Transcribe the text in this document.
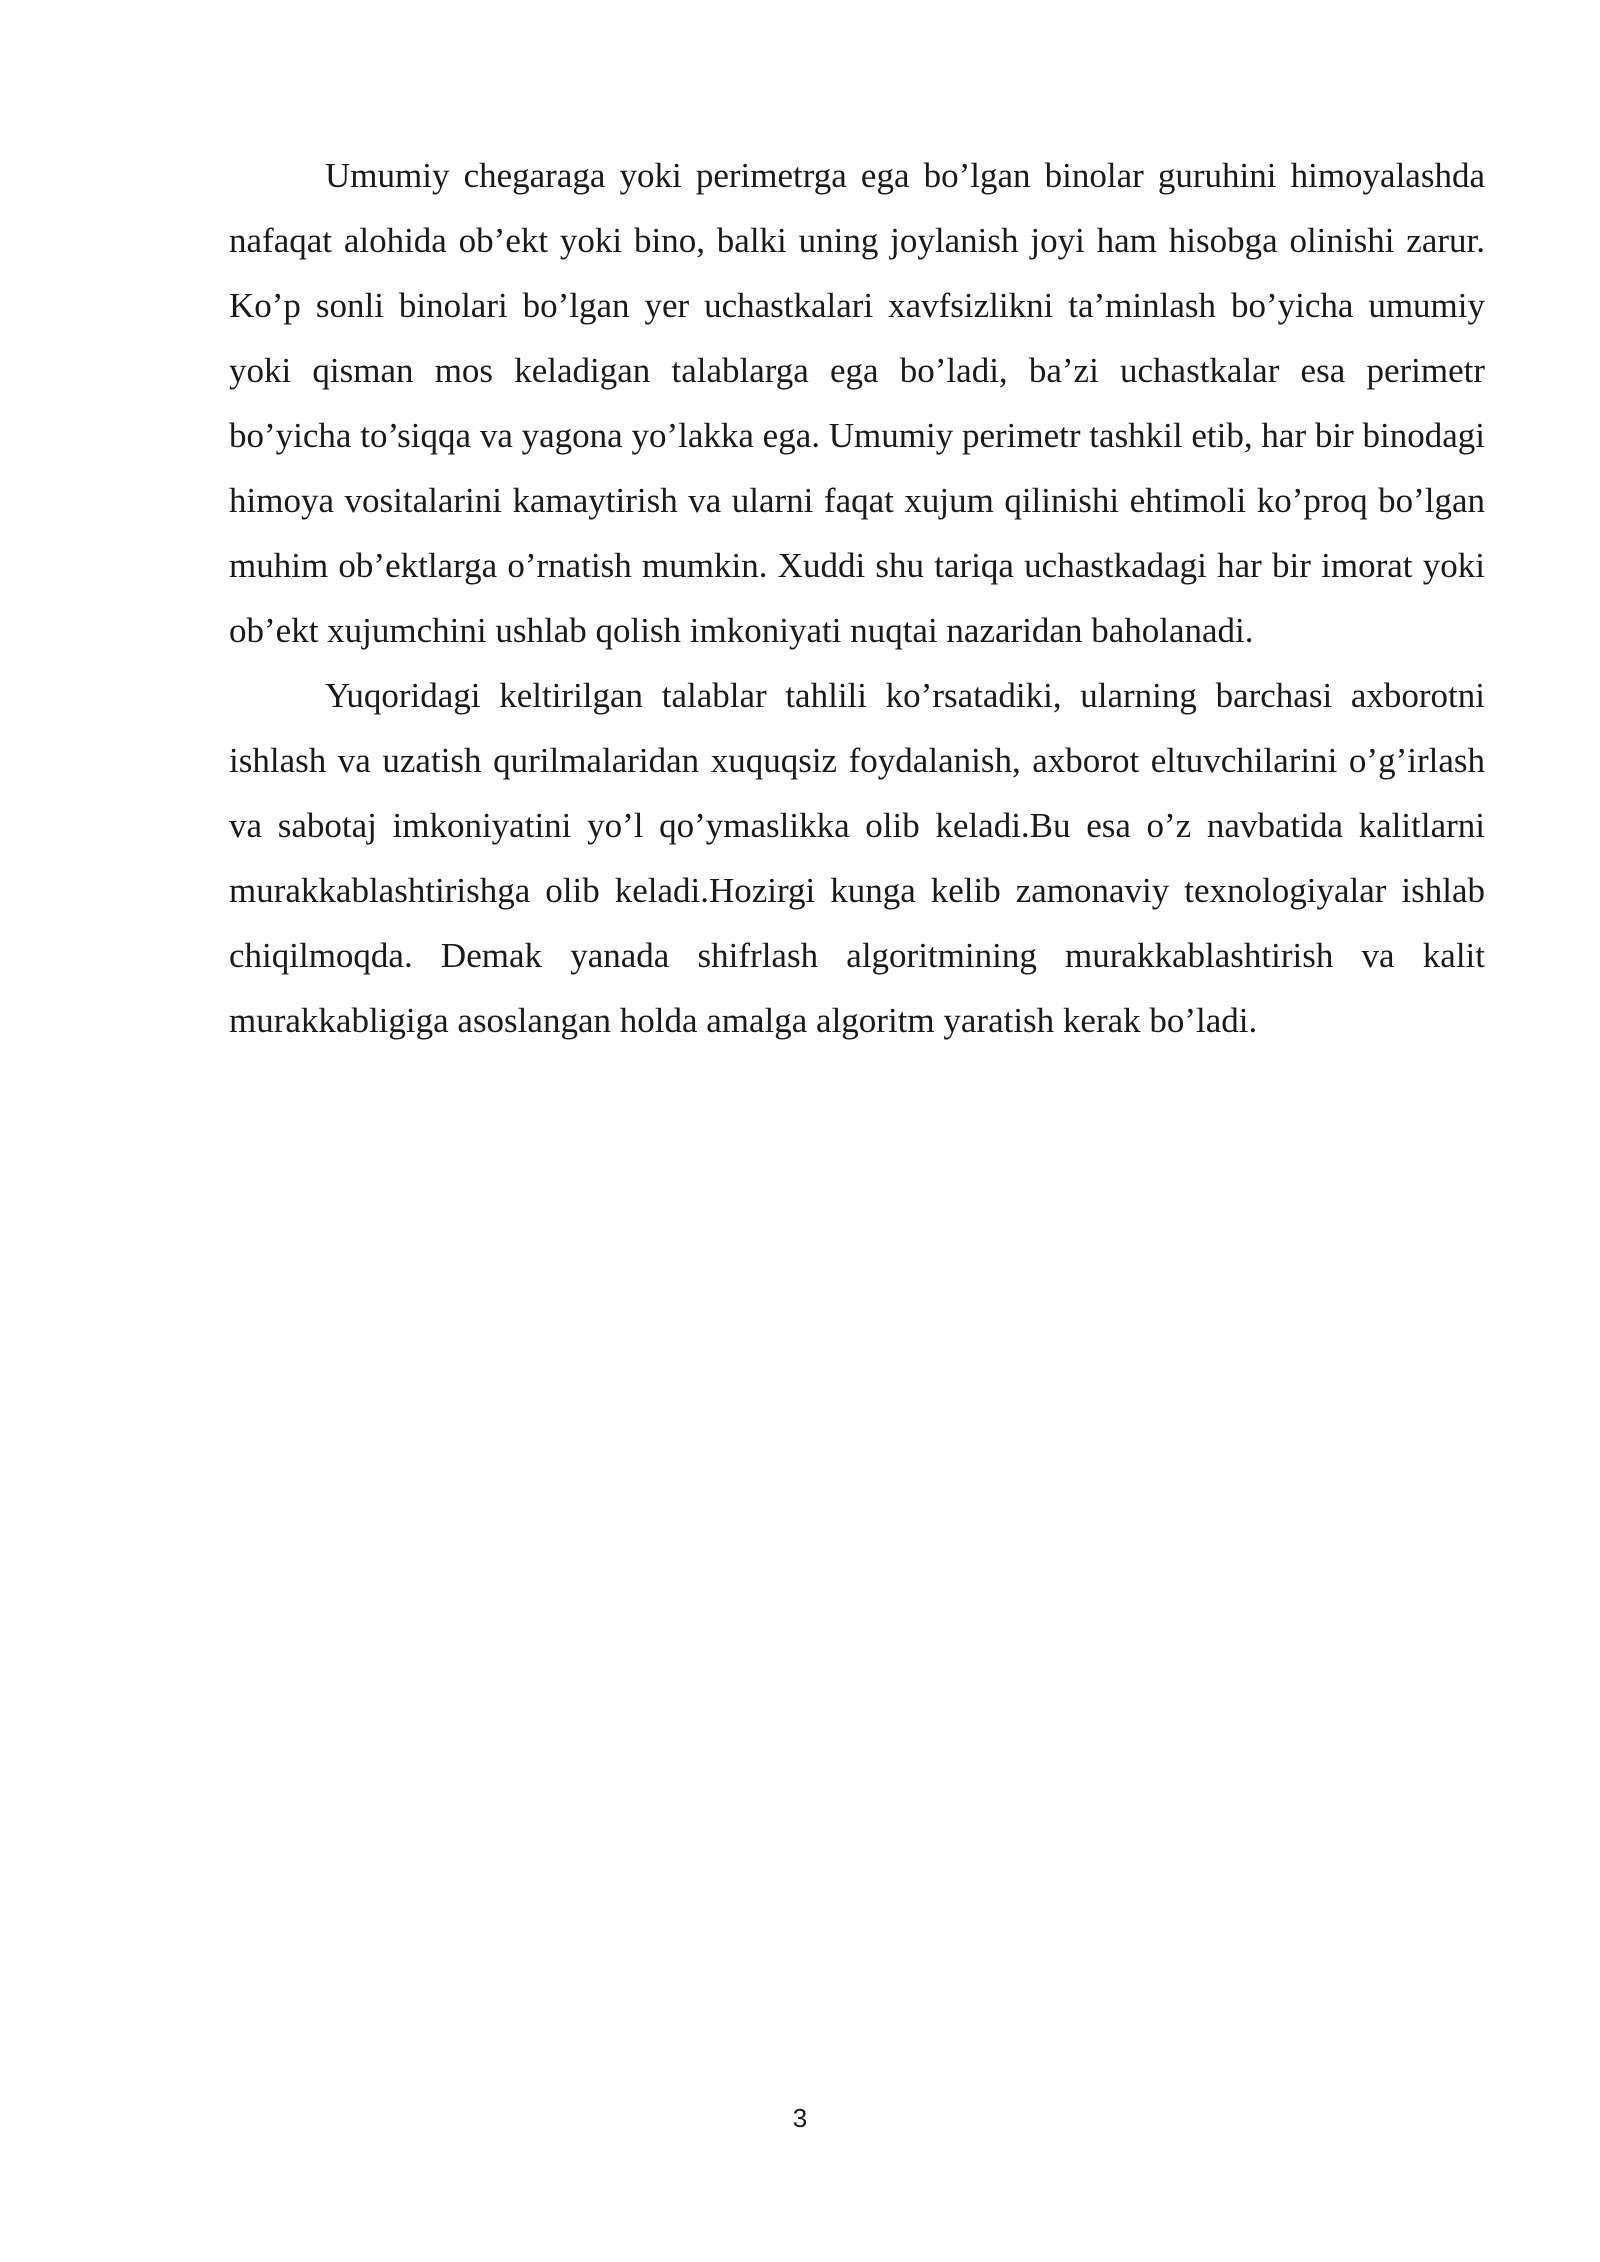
Umumiy chegaraga yoki perimetrga ega bo’lgan binolar guruhini himoyalashda nafaqat alohida ob’ekt yoki bino, balki uning joylanish joyi ham hisobga olinishi zarur. Ko’p sonli binolari bo’lgan yer uchastkalari xavfsizlikni ta’minlash bo’yicha umumiy yoki qisman mos keladigan talablarga ega bo’ladi, ba’zi uchastkalar esa perimetr bo’yicha to’siqqa va yagona yo’lakka ega. Umumiy perimetr tashkil etib, har bir binodagi himoya vositalarini kamaytirish va ularni faqat xujum qilinishi ehtimoli ko’proq bo’lgan muhim ob’ektlarga o’rnatish mumkin. Xuddi shu tariqa uchastkadagi har bir imorat yoki ob’ekt xujumchini ushlab qolish imkoniyati nuqtai nazaridan baholanadi.

Yuqoridagi keltirilgan talablar tahlili ko’rsatadiki, ularning barchasi axborotni ishlash va uzatish qurilmalaridan xuquqsiz foydalanish, axborot eltuvchilarini o’g’irlash va sabotaj imkoniyatini yo’l qo’ymaslikka olib keladi.Bu esa o’z navbatida kalitlarni murakkablashtirishga olib keladi.Hozirgi kunga kelib zamonaviy texnologiyalar ishlab chiqilmoqda. Demak yanada shifrlash algoritmining murakkablashtirish va kalit murakkabligiga asoslangan holda amalga algoritm yaratish kerak bo’ladi.

3
